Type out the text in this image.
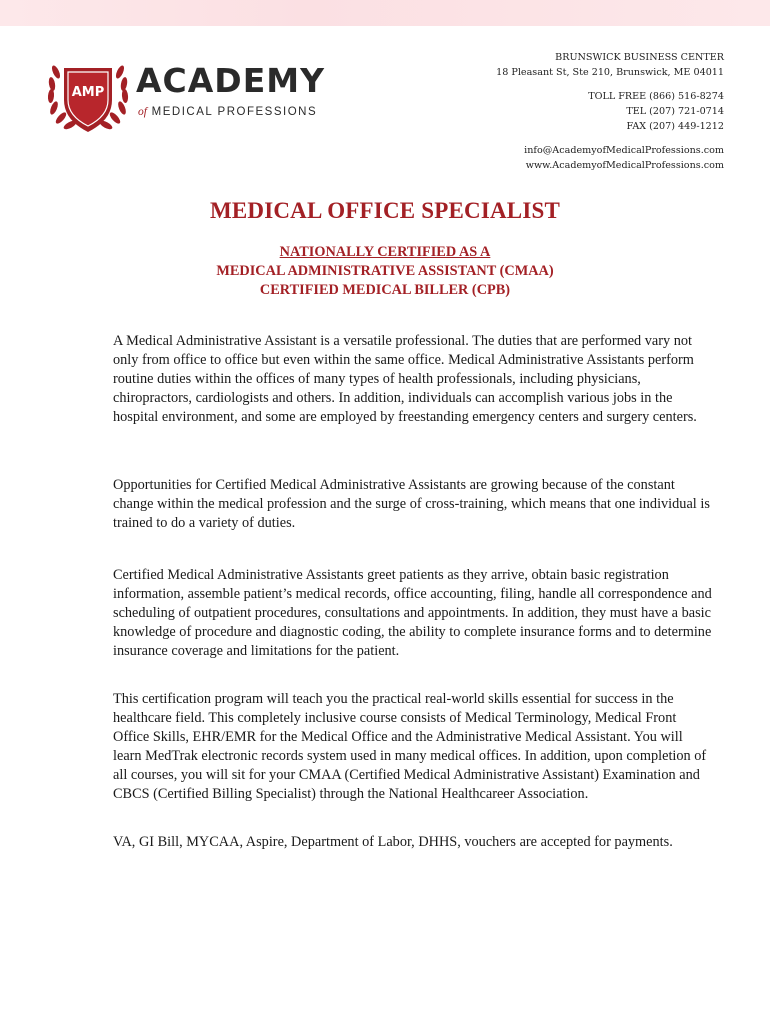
AMP ACADEMY

of MEDICAL PROFESSIONS

BRUNSWICK BUSINESS CENTER
18 Pleasant St, Ste 210, Brunswick, ME 04011
TOLL FREE (866) 516-8274
TEL (207) 721-0714
FAX (207) 449-1212
info@AcademyofMedicalProfessions.com
www.AcademyofMedicalProfessions.com
MEDICAL OFFICE SPECIALIST
NATIONALLY CERTIFIED AS A
MEDICAL ADMINISTRATIVE ASSISTANT (CMAA)
CERTIFIED MEDICAL BILLER (CPB)

A Medical Administrative Assistant is a versatile professional. The duties that are performed vary not only from office to office but even within the same office. Medical Administrative Assistants perform routine duties within the offices of many types of health professionals, including physicians, chiropractors, cardiologists and others. In addition, individuals can accomplish various jobs in the hospital environment, and some are employed by freestanding emergency centers and surgery centers.

Opportunities for Certified Medical Administrative Assistants are growing because of the constant change within the medical profession and the surge of cross-training, which means that one individual is trained to do a variety of duties.

Certified Medical Administrative Assistants greet patients as they arrive, obtain basic registration information, assemble patient’s medical records, office accounting, filing, handle all correspondence and scheduling of outpatient procedures, consultations and appointments. In addition, they must have a basic knowledge of procedure and diagnostic coding, the ability to complete insurance forms and to determine insurance coverage and limitations for the patient.

This certification program will teach you the practical real-world skills essential for success in the healthcare field. This completely inclusive course consists of Medical Terminology, Medical Front Office Skills, EHR/EMR for the Medical Office and the Administrative Medical Assistant. You will learn MedTrak electronic records system used in many medical offices. In addition, upon completion of all courses, you will sit for your CMAA (Certified Medical Administrative Assistant) Examination and CBCS (Certified Billing Specialist) through the National Healthcareer Association.

VA, GI Bill, MYCAA, Aspire, Department of Labor, DHHS, vouchers are accepted for payments.
